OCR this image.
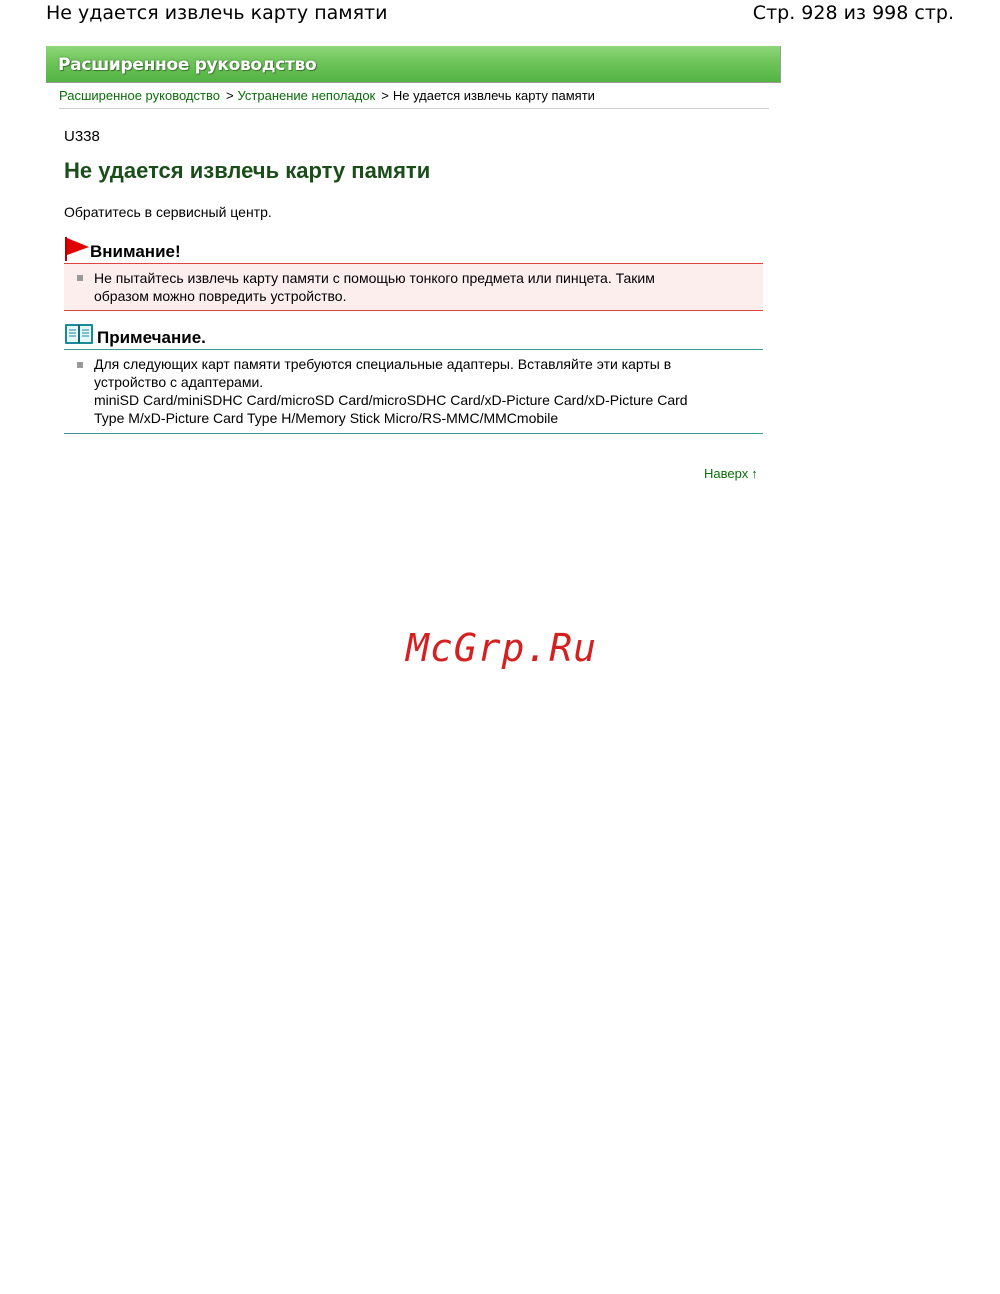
Не удается извлечь карту памяти	Стр. 928 из 998 стр.
Расширенное руководство
Расширенное руководство > Устранение неполадок > Не удается извлечь карту памяти
U338
Не удается извлечь карту памяти
Обратитесь в сервисный центр.
Внимание!
Не пытайтесь извлечь карту памяти с помощью тонкого предмета или пинцета. Таким
образом можно повредить устройство.
Примечание.
Для следующих карт памяти требуются специальные адаптеры. Вставляйте эти карты в
устройство с адаптерами.
miniSD Card/miniSDHC Card/microSD Card/microSDHC Card/xD-Picture Card/xD-Picture Card
Type M/xD-Picture Card Type H/Memory Stick Micro/RS-MMC/MMCmobile
Наверх ↑
McGrp.Ru
